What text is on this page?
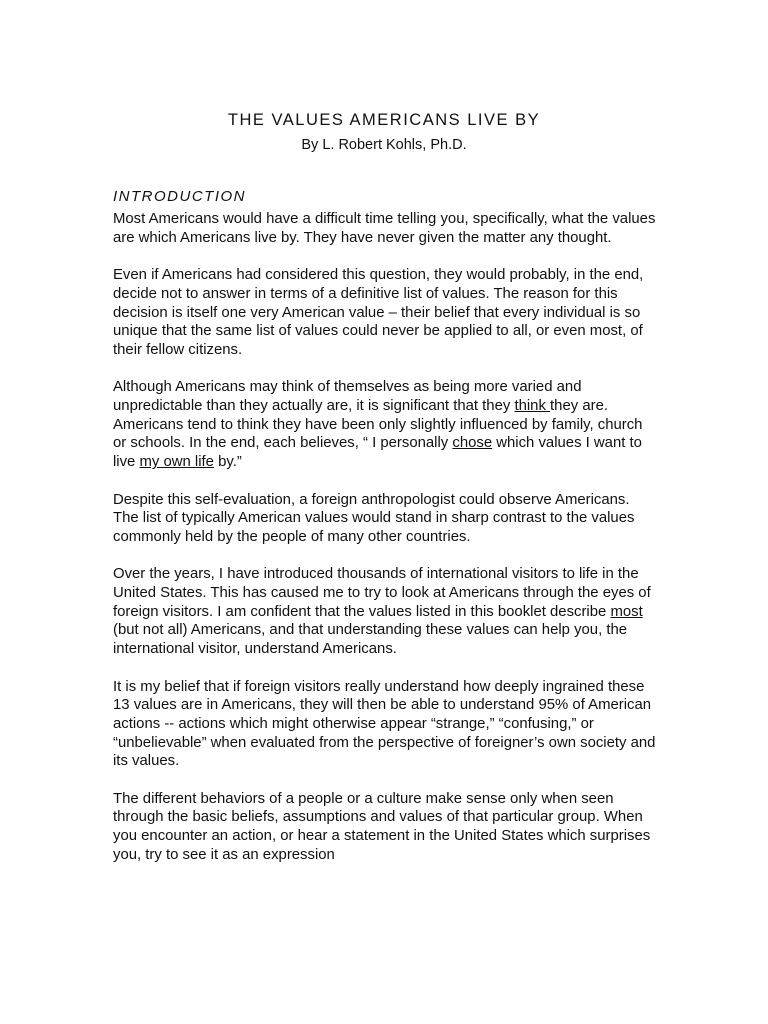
THE VALUES AMERICANS LIVE BY
By L. Robert Kohls, Ph.D.
INTRODUCTION

Most Americans would have a difficult time telling you, specifically, what the values are which Americans live by. They have never given the matter any thought.

Even if Americans had considered this question, they would probably, in the end, decide not to answer in terms of a definitive list of values. The reason for this decision is itself one very American value – their belief that every individual is so unique that the same list of values could never be applied to all, or even most, of their fellow citizens.

Although Americans may think of themselves as being more varied and unpredictable than they actually are, it is significant that they think they are. Americans tend to think they have been only slightly influenced by family, church or schools. In the end, each believes, “ I personally chose which values I want to live my own life by.”

Despite this self-evaluation, a foreign anthropologist could observe Americans. The list of typically American values would stand in sharp contrast to the values commonly held by the people of many other countries.

Over the years, I have introduced thousands of international visitors to life in the United States. This has caused me to try to look at Americans through the eyes of foreign visitors. I am confident that the values listed in this booklet describe most (but not all) Americans, and that understanding these values can help you, the international visitor, understand Americans.

It is my belief that if foreign visitors really understand how deeply ingrained these 13 values are in Americans, they will then be able to understand 95% of American actions -- actions which might otherwise appear “strange,” “confusing,” or “unbelievable” when evaluated from the perspective of foreigner’s own society and its values.

The different behaviors of a people or a culture make sense only when seen through the basic beliefs, assumptions and values of that particular group. When you encounter an action, or hear a statement in the United States which surprises you, try to see it as an expression
